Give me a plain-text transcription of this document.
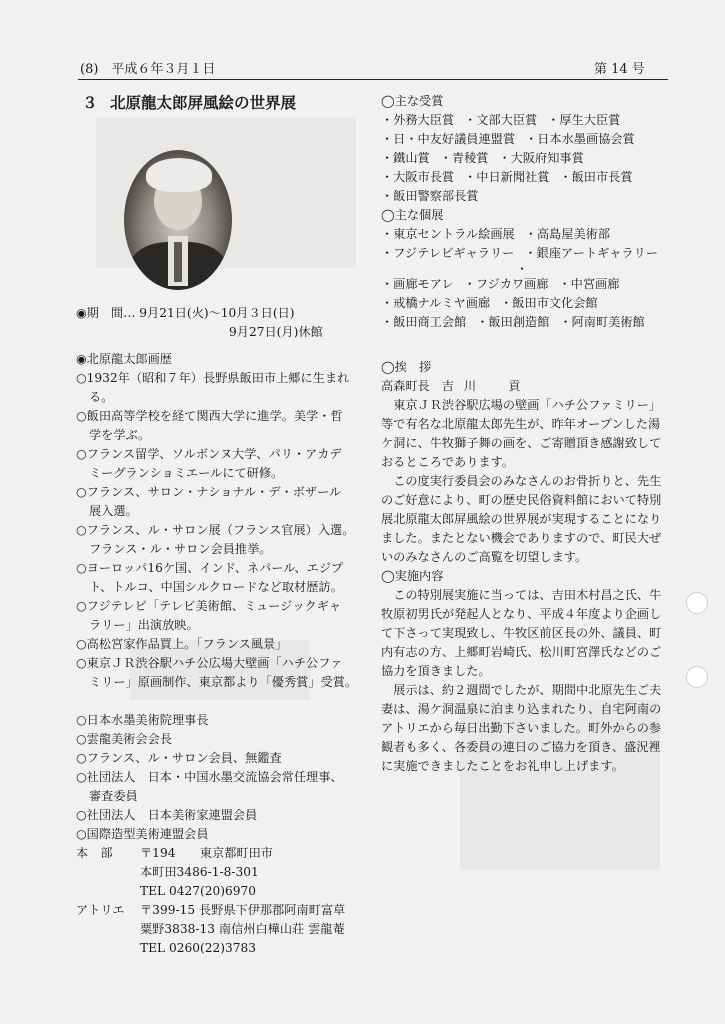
(8)　平成６年３月１日	第 14 号
３ 北原龍太郎屏風絵の世界展
◉期　間… 9月21日(火)〜10月３日(日)
9月27日(月)休館
◉北原龍太郎画歴
○1932年（昭和７年）長野県飯田市上郷に生まれ
る。
○飯田高等学校を経て関西大学に進学。美学・哲
学を学ぶ。
○フランス留学、ソルボンヌ大学、パリ・アカデ
ミーグランショミエールにて研修。
○フランス、サロン・ナショナル・デ・ボザール
展入選。
○フランス、ル・サロン展（フランス官展）入選。
フランス・ル・サロン会員推挙。
○ヨーロッパ16ケ国、インド、ネパール、エジプ
ト、トルコ、中国シルクロードなど取材歴訪。
○フジテレビ「テレビ美術館、ミュージックギャ
ラリー」出演放映。
○高松宮家作品買上。「フランス風景」
○東京ＪＲ渋谷駅ハチ公広場大壁画「ハチ公ファ
ミリー」原画制作、東京都より「優秀賞」受賞。
○日本水墨美術院理事長
○雲龍美術会会長
○フランス、ル・サロン会員、無鑑査
○社団法人　日本・中国水墨交流協会常任理事、
審査委員
○社団法人　日本美術家連盟会員
○国際造型美術連盟会員
本　部	〒194　　東京都町田市
本町田3486-1-8-301
TEL 0427(20)6970
アトリエ	〒399-15 長野県下伊那郡阿南町富草
粟野3838-13 南信州白樺山荘 雲龍菴
TEL 0260(22)3783
◯主な受賞
・外務大臣賞 ・文部大臣賞 ・厚生大臣賞
・日・中友好議員連盟賞 ・日本水墨画協会賞
・鐵山賞 ・青稜賞 ・大阪府知事賞
・大阪市長賞 ・中日新聞社賞 ・飯田市長賞
・飯田警察部長賞
◯主な個展
・東京セントラル絵画展 ・高島屋美術部
・フジテレビギャラリー ・銀座アートギャラリー
・
・画廊モアレ ・フジカワ画廊 ・中宮画廊
・戒橋ナルミヤ画廊 ・飯田市文化会館
・飯田商工会館 ・飯田創造館 ・阿南町美術館
◯挨　拶
高森町長 吉川　貢
東京ＪＲ渋谷駅広場の壁画「ハチ公ファミリー」等で有名な北原龍太郎先生が、昨年オープンした湯ケ洞に、牛牧獅子舞の画を、ご寄贈頂き感謝致しておるところであります。
この度実行委員会のみなさんのお骨折りと、先生のご好意により、町の歴史民俗資料館において特別展北原龍太郎屏風絵の世界展が実現することになりました。またとない機会でありますので、町民大ぜいのみなさんのご高覧を切望します。
◯実施内容
この特別展実施に当っては、吉田木村昌之氏、牛牧原初男氏が発起人となり、平成４年度より企画して下さって実現致し、牛牧区前区長の外、議員、町内有志の方、上郷町岩崎氏、松川町宮澤氏などのご協力を頂きました。
展示は、約２週間でしたが、期間中北原先生ご夫妻は、湯ケ洞温泉に泊まり込まれたり、自宅阿南のアトリエから毎日出勤下さいました。町外からの参観者も多く、各委員の連日のご協力を頂き、盛況裡に実施できましたことをお礼申し上げます。
